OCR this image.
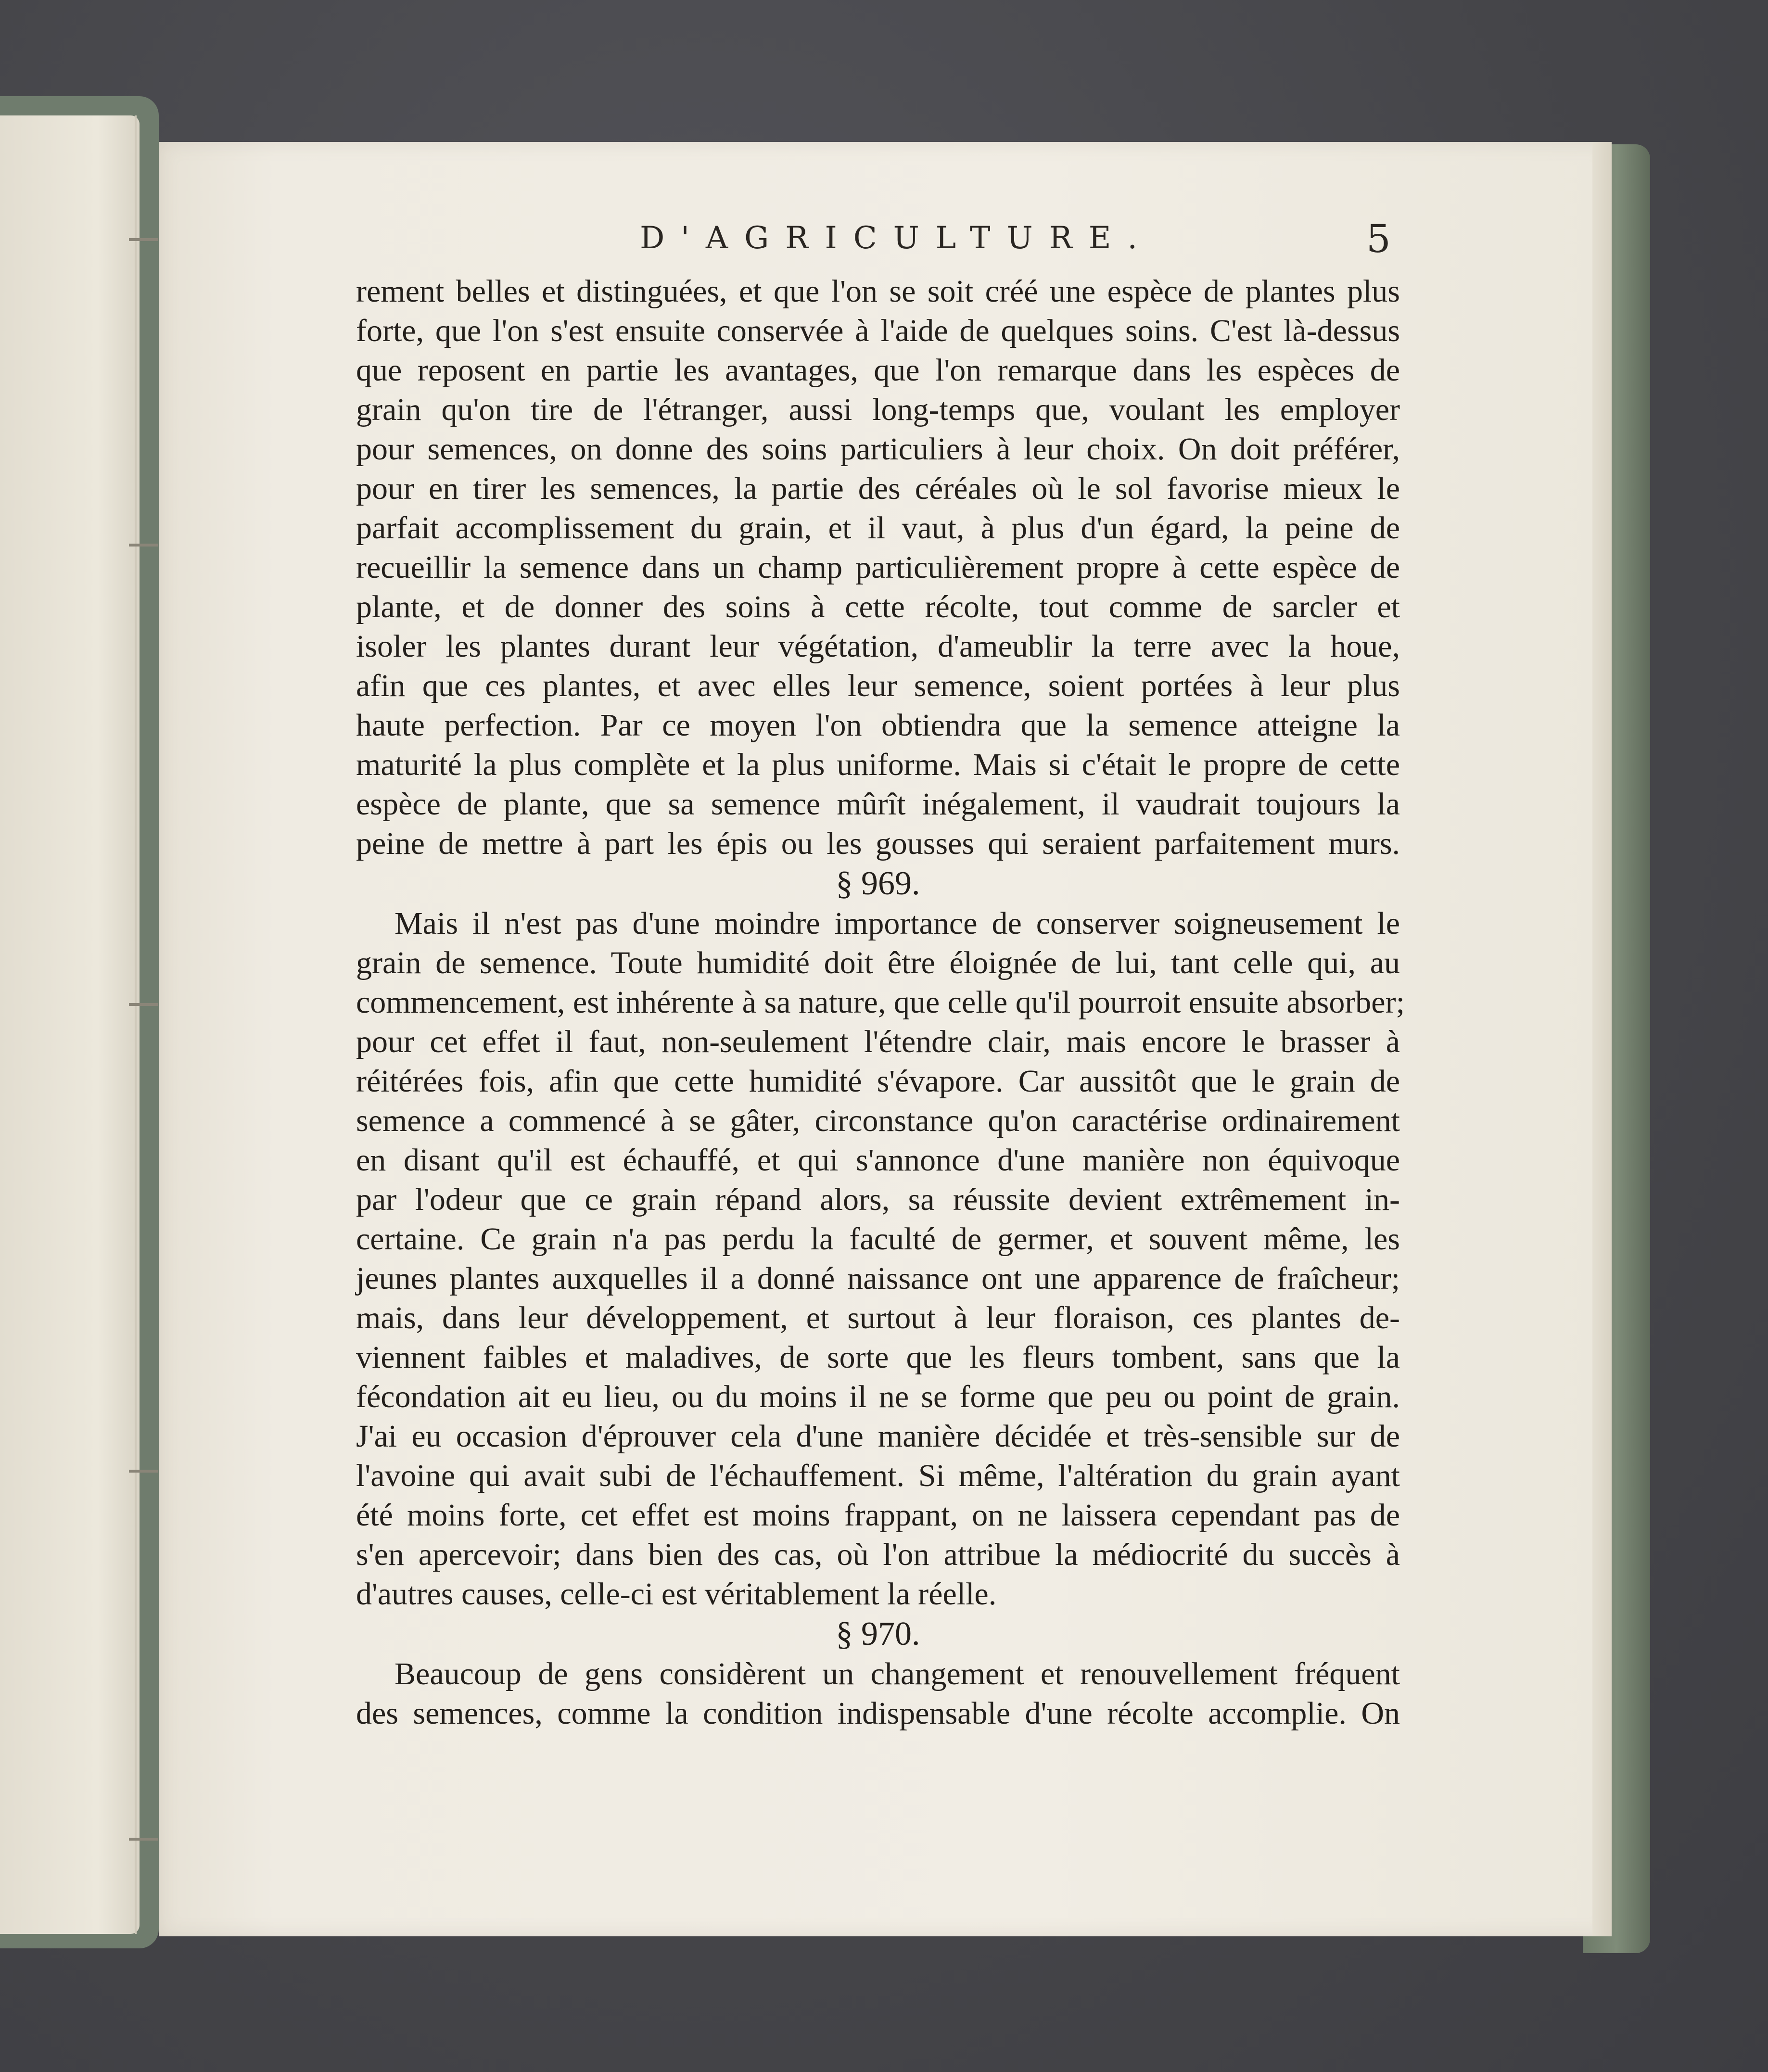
D'AGRICULTURE.	5
rement belles et distinguées, et que l'on se soit créé une espèce de plantes plus
forte, que l'on s'est ensuite conservée à l'aide de quelques soins. C'est là-dessus
que reposent en partie les avantages, que l'on remarque dans les espèces de
grain qu'on tire de l'étranger, aussi long-temps que, voulant les employer
pour semences, on donne des soins particuliers à leur choix. On doit préférer,
pour en tirer les semences, la partie des céréales où le sol favorise mieux le
parfait accomplissement du grain, et il vaut, à plus d'un égard, la peine de
recueillir la semence dans un champ particulièrement propre à cette espèce de
plante, et de donner des soins à cette récolte, tout comme de sarcler et
isoler les plantes durant leur végétation, d'ameublir la terre avec la houe,
afin que ces plantes, et avec elles leur semence, soient portées à leur plus
haute perfection. Par ce moyen l'on obtiendra que la semence atteigne la
maturité la plus complète et la plus uniforme. Mais si c'était le propre de cette
espèce de plante, que sa semence mûrît inégalement, il vaudrait toujours la
peine de mettre à part les épis ou les gousses qui seraient parfaitement murs.
§ 969.
Mais il n'est pas d'une moindre importance de conserver soigneusement le
grain de semence. Toute humidité doit être éloignée de lui, tant celle qui, au
commencement, est inhérente à sa nature, que celle qu'il pourroit ensuite absorber;
pour cet effet il faut, non-seulement l'étendre clair, mais encore le brasser à
réitérées fois, afin que cette humidité s'évapore. Car aussitôt que le grain de
semence a commencé à se gâter, circonstance qu'on caractérise ordinairement
en disant qu'il est échauffé, et qui s'annonce d'une manière non équivoque
par l'odeur que ce grain répand alors, sa réussite devient extrêmement in-
certaine. Ce grain n'a pas perdu la faculté de germer, et souvent même, les
jeunes plantes auxquelles il a donné naissance ont une apparence de fraîcheur;
mais, dans leur développement, et surtout à leur floraison, ces plantes de-
viennent faibles et maladives, de sorte que les fleurs tombent, sans que la
fécondation ait eu lieu, ou du moins il ne se forme que peu ou point de grain.
J'ai eu occasion d'éprouver cela d'une manière décidée et très-sensible sur de
l'avoine qui avait subi de l'échauffement. Si même, l'altération du grain ayant
été moins forte, cet effet est moins frappant, on ne laissera cependant pas de
s'en apercevoir; dans bien des cas, où l'on attribue la médiocrité du succès à
d'autres causes, celle-ci est véritablement la réelle.
§ 970.
Beaucoup de gens considèrent un changement et renouvellement fréquent
des semences, comme la condition indispensable d'une récolte accomplie. On
